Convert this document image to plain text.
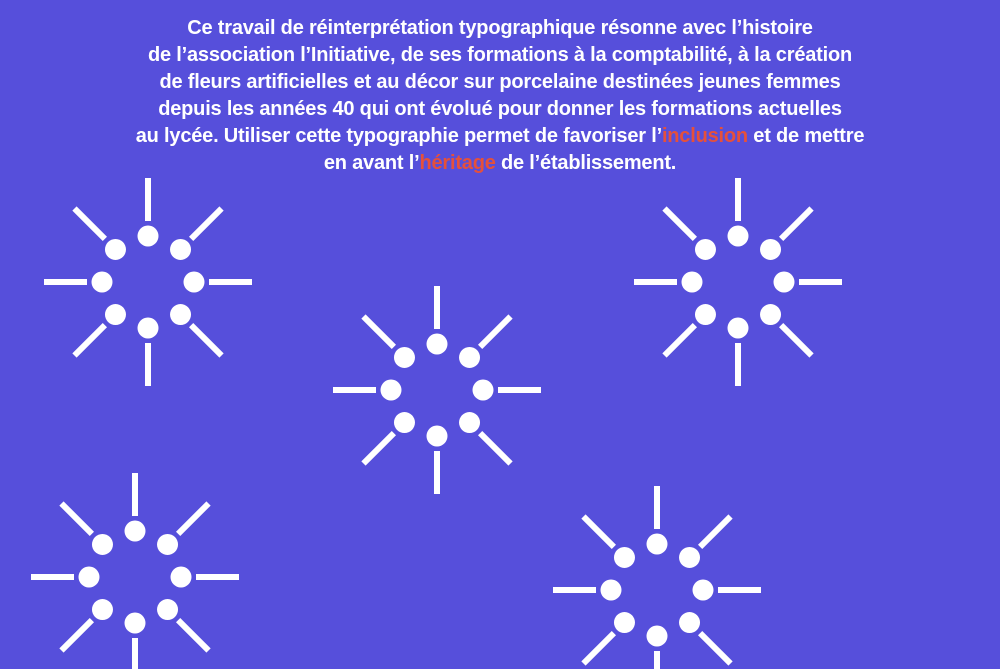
Ce travail de réinterprétation typographique résonne avec l’histoire
de l’association l’Initiative, de ses formations à la comptabilité, à la création
de fleurs artificielles et au décor sur porcelaine destinées jeunes femmes
depuis les années 40 qui ont évolué pour donner les formations actuelles
au lycée. Utiliser cette typographie permet de favoriser l’inclusion et de mettre
en avant l’héritage de l’établissement.
